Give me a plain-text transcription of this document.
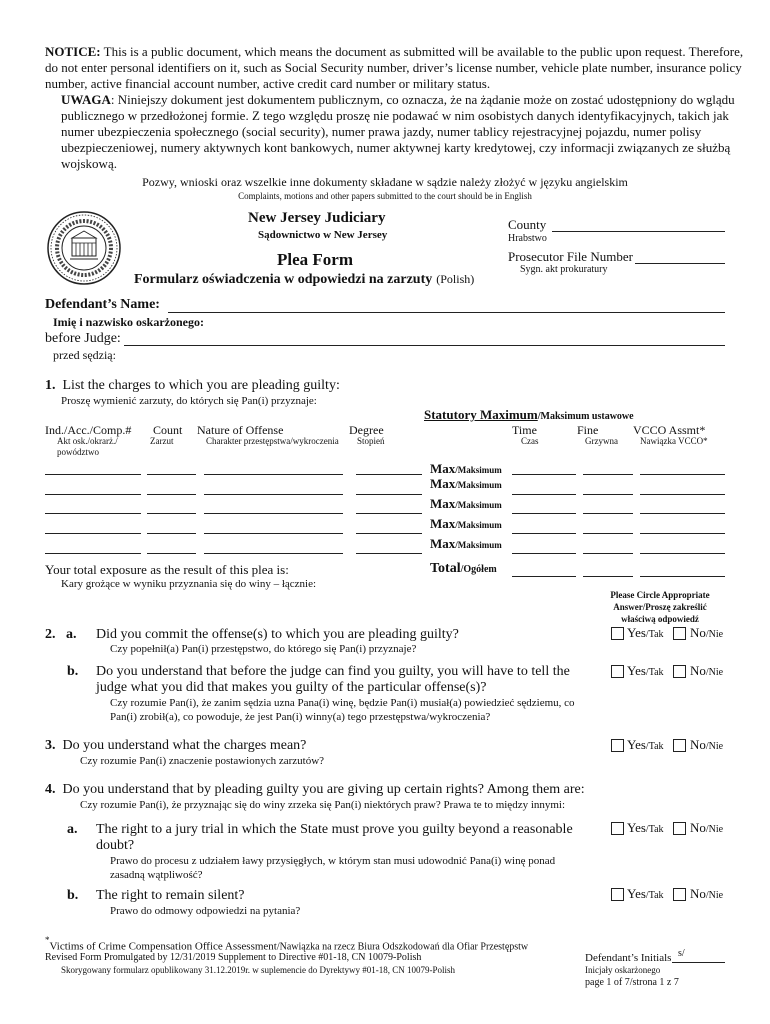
NOTICE: This is a public document, which means the document as submitted will be available to the public upon request. Therefore,
do not enter personal identifiers on it, such as Social Security number, driver’s license number, vehicle plate number, insurance policy
number, active financial account number, active credit card number or military status.
UWAGA: Niniejszy dokument jest dokumentem publicznym, co oznacza, że na żądanie może on zostać udostępniony do wglądu
publicznego w przedłożonej formie. Z tego względu proszę nie podawać w nim osobistych danych identyfikacyjnych, takich jak
numer ubezpieczenia społecznego (social security), numer prawa jazdy, numer tablicy rejestracyjnej pojazdu, numer polisy
ubezpieczeniowej, numery aktywnych kont bankowych, numer aktywnej karty kredytowej, czy informacji związanych ze służbą
wojskową.
Pozwy, wnioski oraz wszelkie inne dokumenty składane w sądzie należy złożyć w języku angielskim
Complaints, motions and other papers submitted to the court should be in English
New Jersey Judiciary
Sądownictwo w New Jersey
County
Hrabstwo
Plea Form
Formularz oświadczenia w odpowiedzi na zarzuty (Polish)
Prosecutor File Number
Sygn. akt prokuratury
Defendant’s Name:
Imię i nazwisko oskarżonego:
before Judge:
przed sędzią:
1. List the charges to which you are pleading guilty:
Proszę wymienić zarzuty, do których się Pan(i) przyznaje:
Statutory Maximum/Maksimum ustawowe
Ind./Acc./Comp.#
Akt osk./okrarż./
powództwo
Count
Zarzut
Nature of Offense
Charakter przestępstwa/wykroczenia
Degree
Stopień
Time
Czas
Fine
Grzywna
VCCO Assmt*
Nawiązka VCCO*
Max/Maksimum
Max/Maksimum
Max/Maksimum
Max/Maksimum
Max/Maksimum
Your total exposure as the result of this plea is:
Kary grożące w wyniku przyznania się do winy – łącznie:
Total/Ogółem
Please Circle Appropriate
Answer/Proszę zakreślić
właściwą odpowiedź
2. a. Did you commit the offense(s) to which you are pleading guilty?
Czy popełnił(a) Pan(i) przestępstwo, do którego się Pan(i) przyznaje?
Yes/Tak No/Nie
b. Do you understand that before the judge can find you guilty, you will have to tell the
judge what you did that makes you guilty of the particular offense(s)?
Czy rozumie Pan(i), że zanim sędzia uzna Pana(i) winę, będzie Pan(i) musiał(a) powiedzieć sędziemu, co
Pan(i) zrobił(a), co powoduje, że jest Pan(i) winny(a) tego przestępstwa/wykroczenia?
Yes/Tak No/Nie
3. Do you understand what the charges mean?
Czy rozumie Pan(i) znaczenie postawionych zarzutów?
Yes/Tak No/Nie
4. Do you understand that by pleading guilty you are giving up certain rights? Among them are:
Czy rozumie Pan(i), że przyznając się do winy zrzeka się Pan(i) niektórych praw? Prawa te to między innymi:
a. The right to a jury trial in which the State must prove you guilty beyond a reasonable
doubt?
Prawo do procesu z udziałem ławy przysięgłych, w którym stan musi udowodnić Pana(i) winę ponad
zasadną wątpliwość?
Yes/Tak No/Nie
b. The right to remain silent?
Prawo do odmowy odpowiedzi na pytania?
Yes/Tak No/Nie
*Victims of Crime Compensation Office Assessment/Nawiązka na rzecz Biura Odszkodowań dla Ofiar Przestępstw
Revised Form Promulgated by 12/31/2019 Supplement to Directive #01-18, CN 10079-Polish
Skorygowany formularz opublikowany 31.12.2019r. w suplemencie do Dyrektywy #01-18, CN 10079-Polish
Defendant’s Initials s/
Inicjały oskarżonego
page 1 of 7/strona 1 z 7
